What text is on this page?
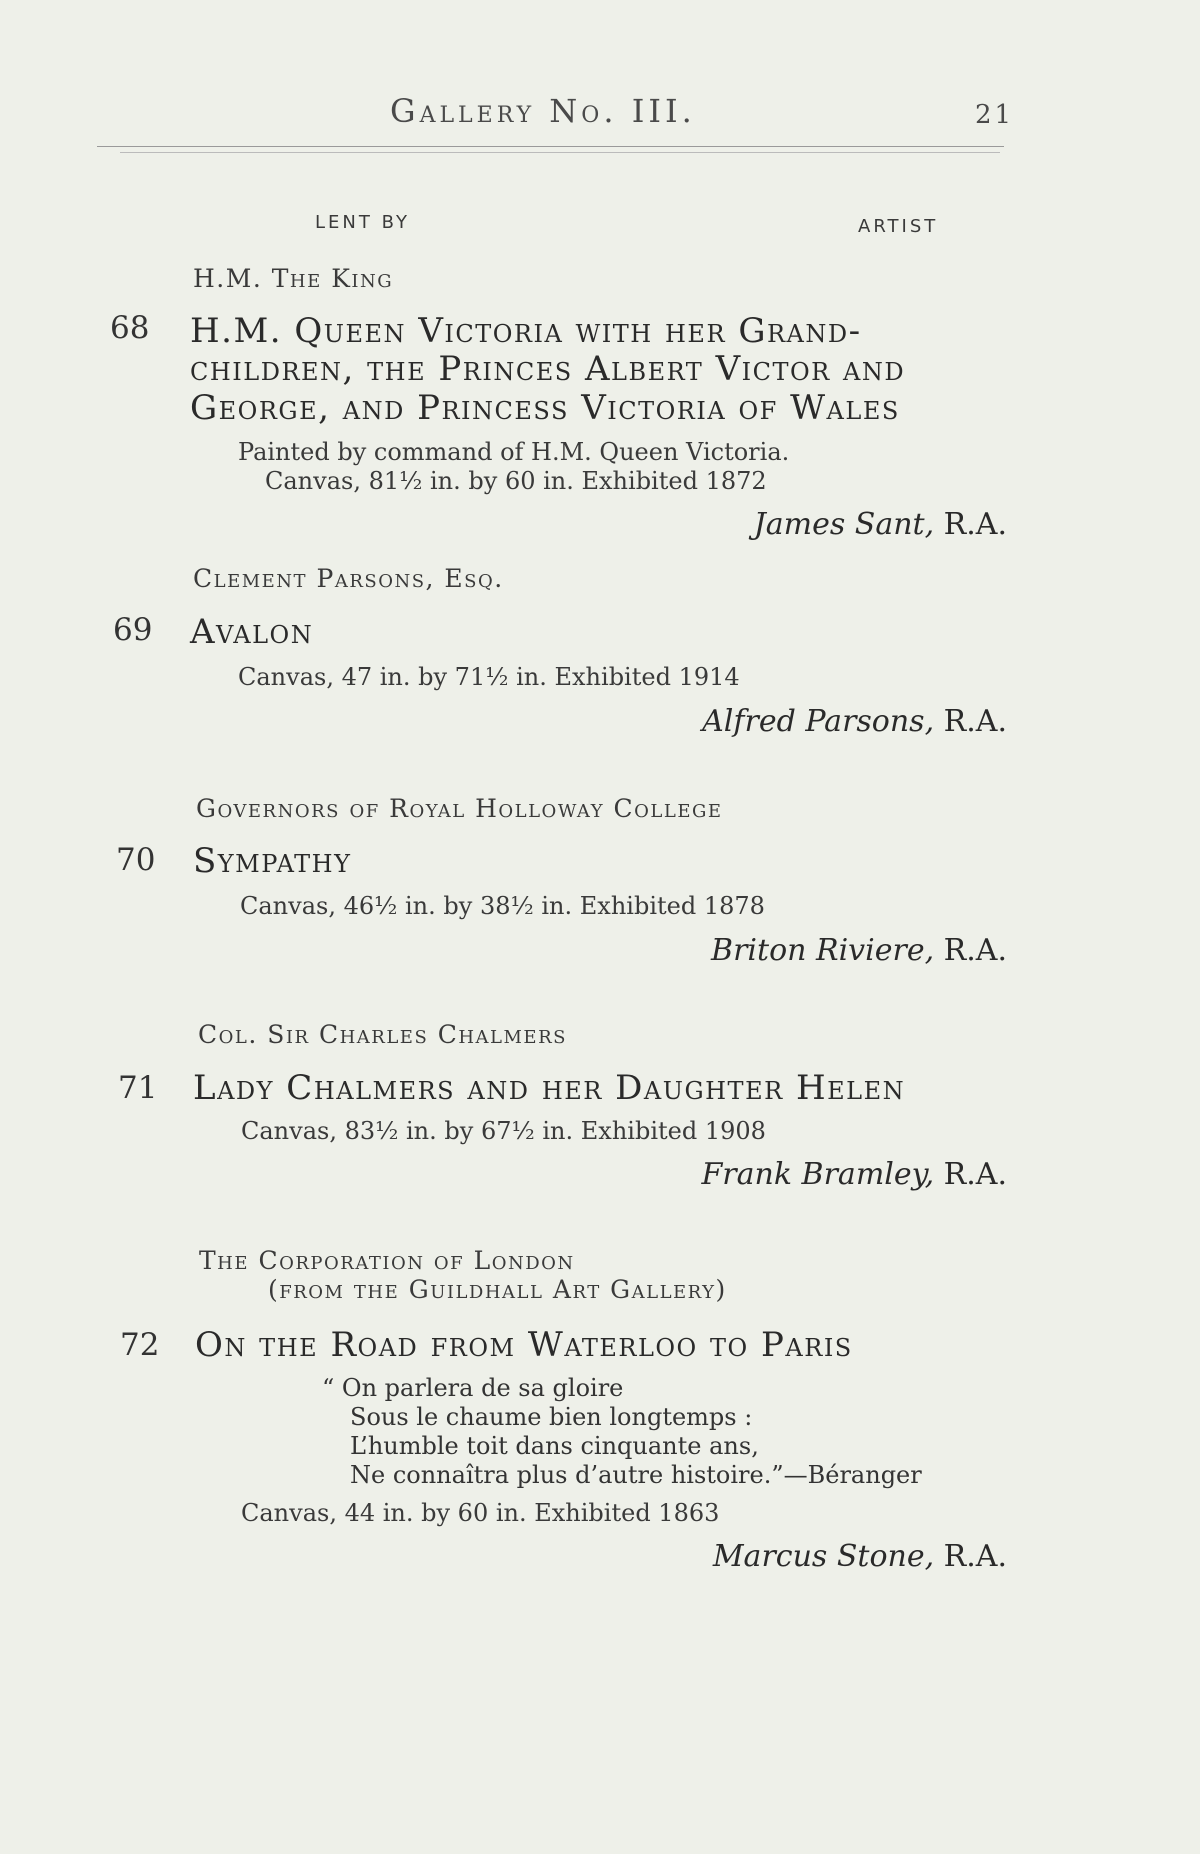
Gallery No. III.	21
LENT BY	ARTIST
H.M. The King
68 H.M. Queen Victoria with her Grand-
children, the Princes Albert Victor and
George, and Princess Victoria of Wales
Painted by command of H.M. Queen Victoria.
Canvas, 81½ in. by 60 in. Exhibited 1872
James Sant, R.A.
Clement Parsons, Esq.
69 Avalon
Canvas, 47 in. by 71½ in. Exhibited 1914
Alfred Parsons, R.A.
Governors of Royal Holloway College
70 Sympathy
Canvas, 46½ in. by 38½ in. Exhibited 1878
Briton Riviere, R.A.
Col. Sir Charles Chalmers
71 Lady Chalmers and her Daughter Helen
Canvas, 83½ in. by 67½ in. Exhibited 1908
Frank Bramley, R.A.
The Corporation of London
(from the Guildhall Art Gallery)
72 On the Road from Waterloo to Paris
“ On parlera de sa gloire
Sous le chaume bien longtemps :
L’humble toit dans cinquante ans,
Ne connaîtra plus d’autre histoire.”—Béranger
Canvas, 44 in. by 60 in. Exhibited 1863
Marcus Stone, R.A.
